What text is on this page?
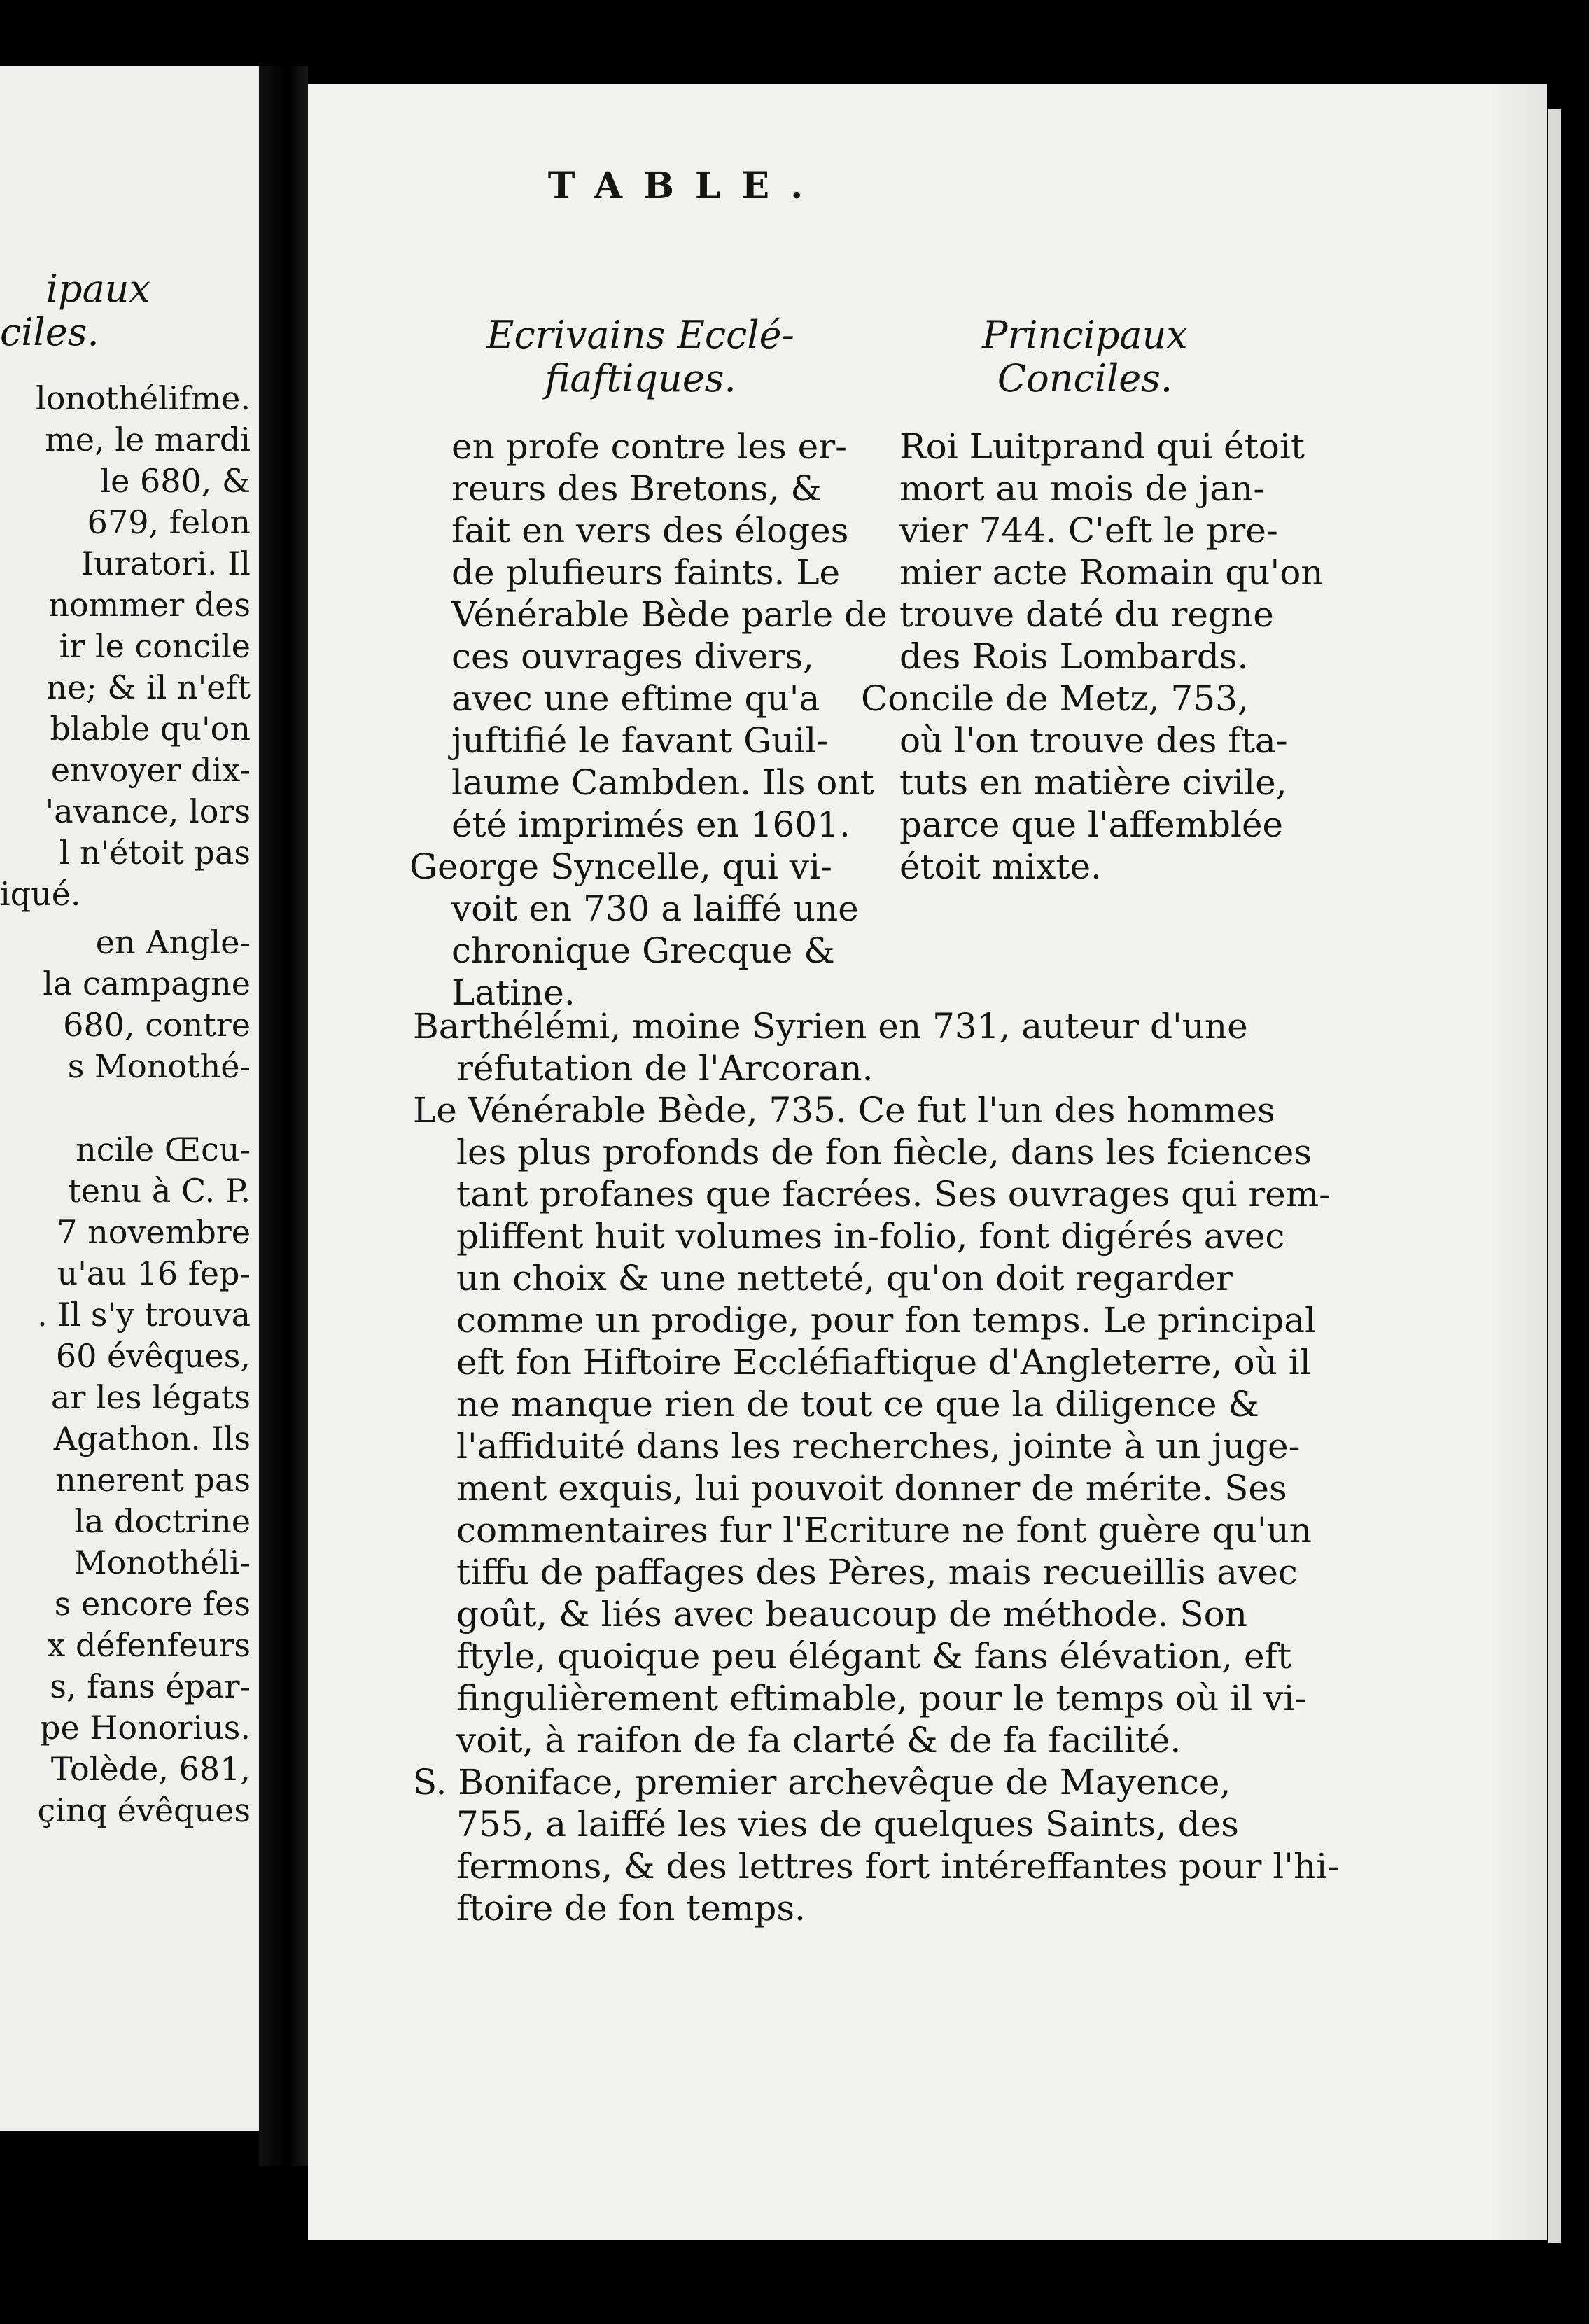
ipaux
ciles.
lonothélifme.
me, le mardi
le 680, &
679, felon
Iuratori. Il
nommer des
ir le concile
ne; & il n'eft
blable qu'on
envoyer dix-
'avance, lors
l n'étoit pas
iqué.
en Angle-
la campagne
680, contre
s Monothé-
ncile Œcu-
tenu à C. P.
7 novembre
u'au 16 fep-
. Il s'y trouva
60 évêques,
ar les légats
Agathon. Ils
nnerent pas
la doctrine
Monothéli-
s encore fes
x défenfeurs
s, fans épar-
pe Honorius.
Tolède, 681,
çinq évêques
TABLE.
Ecrivains Ecclé-
fiaftiques.
Principaux
Conciles.
en profe contre les er-
reurs des Bretons, &
fait en vers des éloges
de plufieurs faints. Le
Vénérable Bède parle de
ces ouvrages divers,
avec une eftime qu'a
juftifié le favant Guil-
laume Cambden. Ils ont
été imprimés en 1601.
George Syncelle, qui vi-
voit en 730 a laiffé une
chronique Grecque &
Latine.
Roi Luitprand qui étoit
mort au mois de jan-
vier 744. C'eft le pre-
mier acte Romain qu'on
trouve daté du regne
des Rois Lombards.
Concile de Metz, 753,
où l'on trouve des fta-
tuts en matière civile,
parce que l'affemblée
étoit mixte.
Barthélémi, moine Syrien en 731, auteur d'une
réfutation de l'Arcoran.
Le Vénérable Bède, 735. Ce fut l'un des hommes
les plus profonds de fon fiècle, dans les fciences
tant profanes que facrées. Ses ouvrages qui rem-
pliffent huit volumes in-folio, font digérés avec
un choix & une netteté, qu'on doit regarder
comme un prodige, pour fon temps. Le principal
eft fon Hiftoire Eccléfiaftique d'Angleterre, où il
ne manque rien de tout ce que la diligence &
l'affiduité dans les recherches, jointe à un juge-
ment exquis, lui pouvoit donner de mérite. Ses
commentaires fur l'Ecriture ne font guère qu'un
tiffu de paffages des Pères, mais recueillis avec
goût, & liés avec beaucoup de méthode. Son
ftyle, quoique peu élégant & fans élévation, eft
fingulièrement eftimable, pour le temps où il vi-
voit, à raifon de fa clarté & de fa facilité.
S. Boniface, premier archevêque de Mayence,
755, a laiffé les vies de quelques Saints, des
fermons, & des lettres fort intéreffantes pour l'hi-
ftoire de fon temps.
